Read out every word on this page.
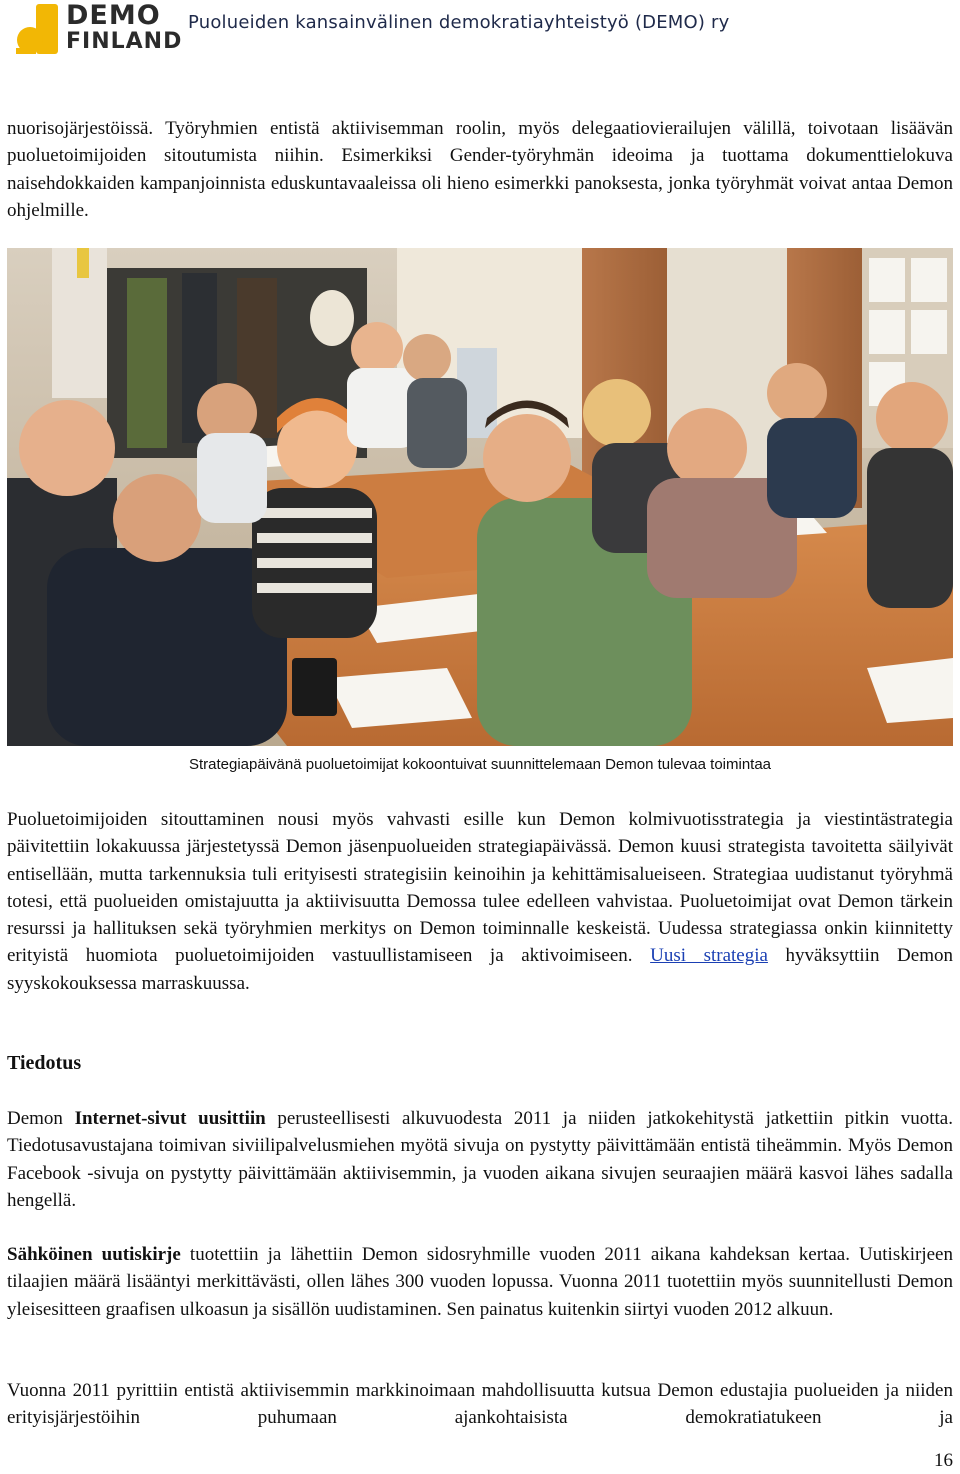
DEMO
FINLAND
Puolueiden kansainvälinen demokratiayhteistyö (DEMO) ry

nuorisojärjestöissä. Työryhmien entistä aktiivisemman roolin, myös delegaatiovierailujen välillä, toivotaan lisäävän puoluetoimijoiden sitoutumista niihin. Esimerkiksi Gender-työryhmän ideoima ja tuottama dokumenttielokuva naisehdokkaiden kampanjoinnista eduskuntavaaleissa oli hieno esimerkki panoksesta, jonka työryhmät voivat antaa Demon ohjelmille.

Strategiapäivänä puoluetoimijat kokoontuivat suunnittelemaan Demon tulevaa toimintaa

Puoluetoimijoiden sitouttaminen nousi myös vahvasti esille kun Demon kolmivuotisstrategia ja viestintästrategia päivitettiin lokakuussa järjestetyssä Demon jäsenpuolueiden strategiapäivässä. Demon kuusi strategista tavoitetta säilyivät entisellään, mutta tarkennuksia tuli erityisesti strategisiin keinoihin ja kehittämisalueiseen. Strategiaa uudistanut työryhmä totesi, että puolueiden omistajuutta ja aktiivisuutta Demossa tulee edelleen vahvistaa. Puoluetoimijat ovat Demon tärkein resurssi ja hallituksen sekä työryhmien merkitys on Demon toiminnalle keskeistä. Uudessa strategiassa onkin kiinnitetty erityistä huomiota puoluetoimijoiden vastuullistamiseen ja aktivoimiseen. Uusi strategia hyväksyttiin Demon syyskokouksessa marraskuussa.

Tiedotus

Demon Internet-sivut uusittiin perusteellisesti alkuvuodesta 2011 ja niiden jatkokehitystä jatkettiin pitkin vuotta. Tiedotusavustajana toimivan siviilipalvelusmiehen myötä sivuja on pystytty päivittämään entistä tiheämmin. Myös Demon Facebook -sivuja on pystytty päivittämään aktiivisemmin, ja vuoden aikana sivujen seuraajien määrä kasvoi lähes sadalla hengellä.

Sähköinen uutiskirje tuotettiin ja lähettiin Demon sidosryhmille vuoden 2011 aikana kahdeksan kertaa. Uutiskirjeen tilaajien määrä lisääntyi merkittävästi, ollen lähes 300 vuoden lopussa. Vuonna 2011 tuotettiin myös suunnitellusti Demon yleisesitteen graafisen ulkoasun ja sisällön uudistaminen. Sen painatus kuitenkin siirtyi vuoden 2012 alkuun.

Vuonna 2011 pyrittiin entistä aktiivisemmin markkinoimaan mahdollisuutta kutsua Demon edustajia puolueiden ja niiden erityisjärjestöihin puhumaan ajankohtaisista demokratiatukeen ja

16
